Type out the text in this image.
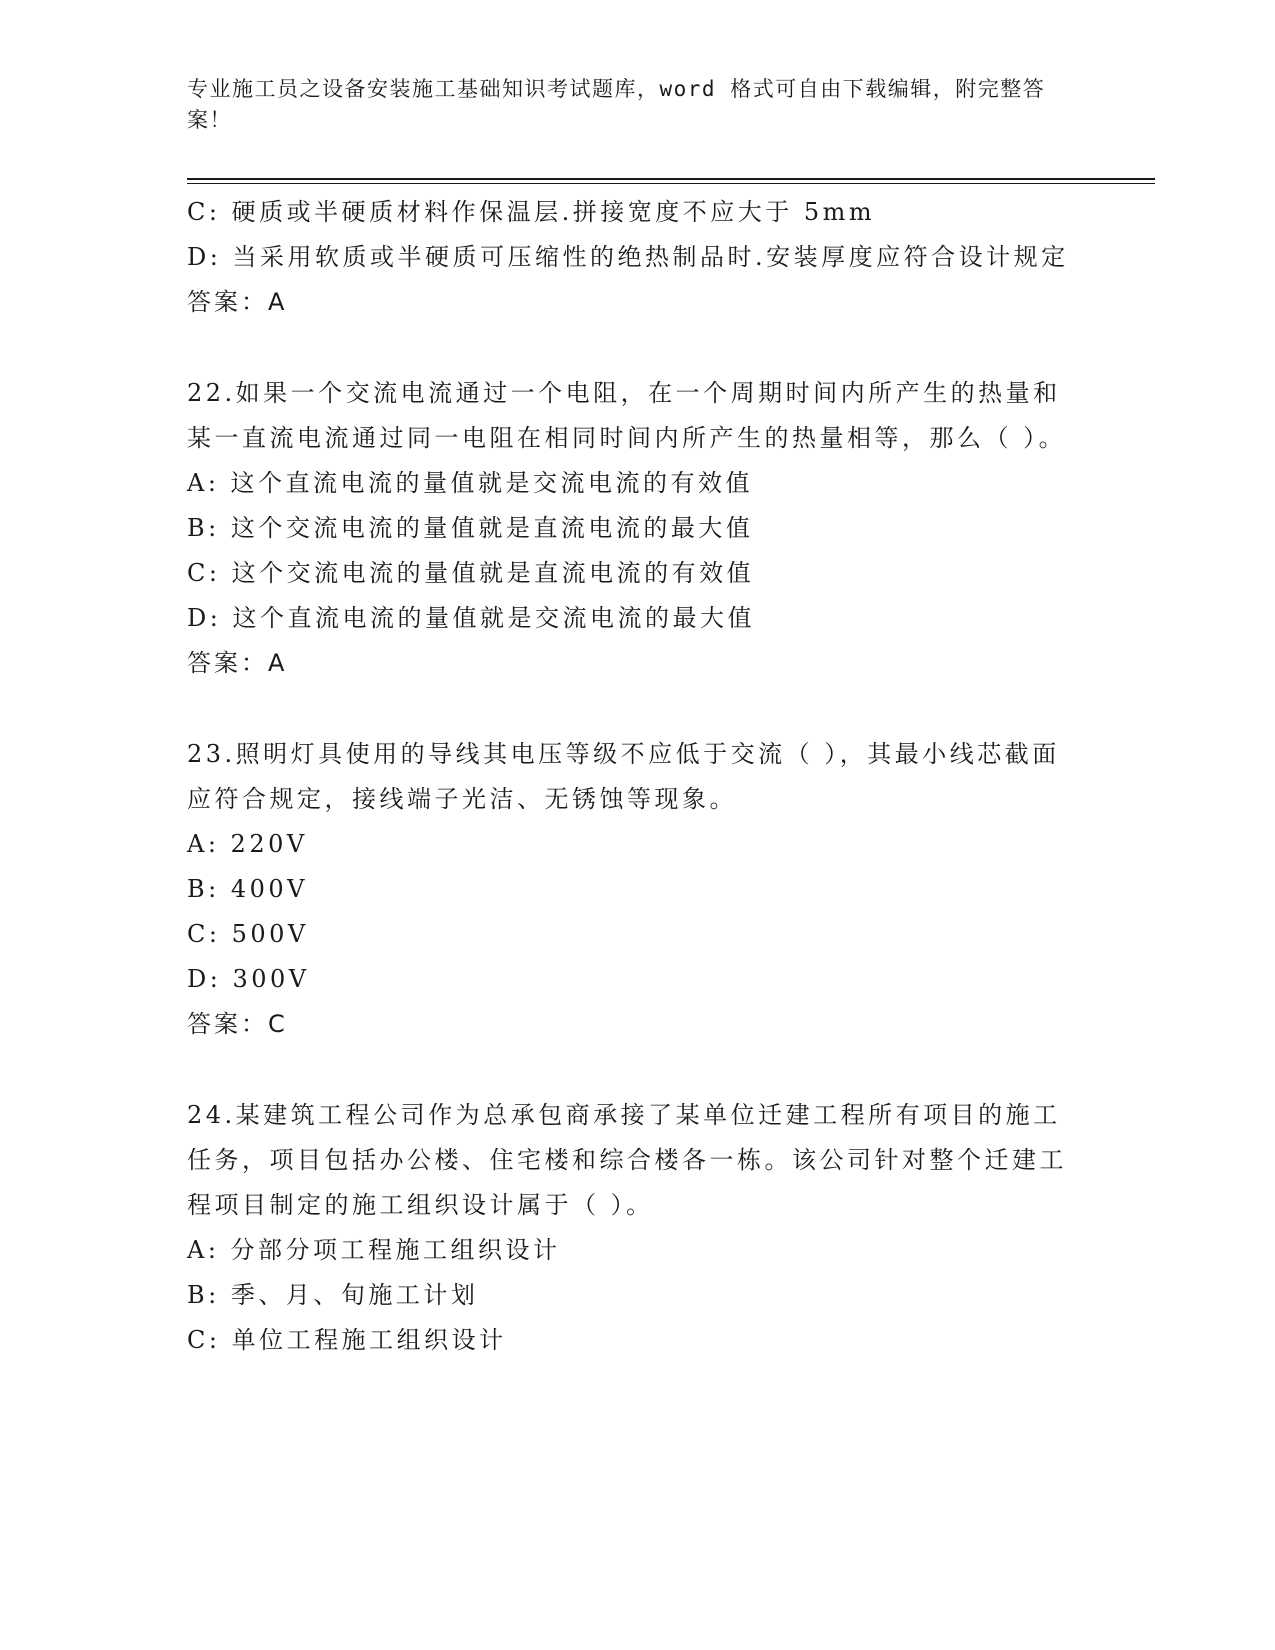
专业施工员之设备安装施工基础知识考试题库，word 格式可自由下载编辑，附完整答案！
C: 硬质或半硬质材料作保温层.拼接宽度不应大于 5mm
D: 当采用软质或半硬质可压缩性的绝热制品时.安装厚度应符合设计规定
答案：A
22.如果一个交流电流通过一个电阻，在一个周期时间内所产生的热量和某一直流电流通过同一电阻在相同时间内所产生的热量相等，那么（ ）。
A: 这个直流电流的量值就是交流电流的有效值
B: 这个交流电流的量值就是直流电流的最大值
C: 这个交流电流的量值就是直流电流的有效值
D: 这个直流电流的量值就是交流电流的最大值
答案：A
23.照明灯具使用的导线其电压等级不应低于交流（ ），其最小线芯截面应符合规定，接线端子光洁、无锈蚀等现象。
A: 220V
B: 400V
C: 500V
D: 300V
答案：C
24.某建筑工程公司作为总承包商承接了某单位迁建工程所有项目的施工任务，项目包括办公楼、住宅楼和综合楼各一栋。该公司针对整个迁建工程项目制定的施工组织设计属于（ ）。
A: 分部分项工程施工组织设计
B: 季、月、旬施工计划
C: 单位工程施工组织设计
